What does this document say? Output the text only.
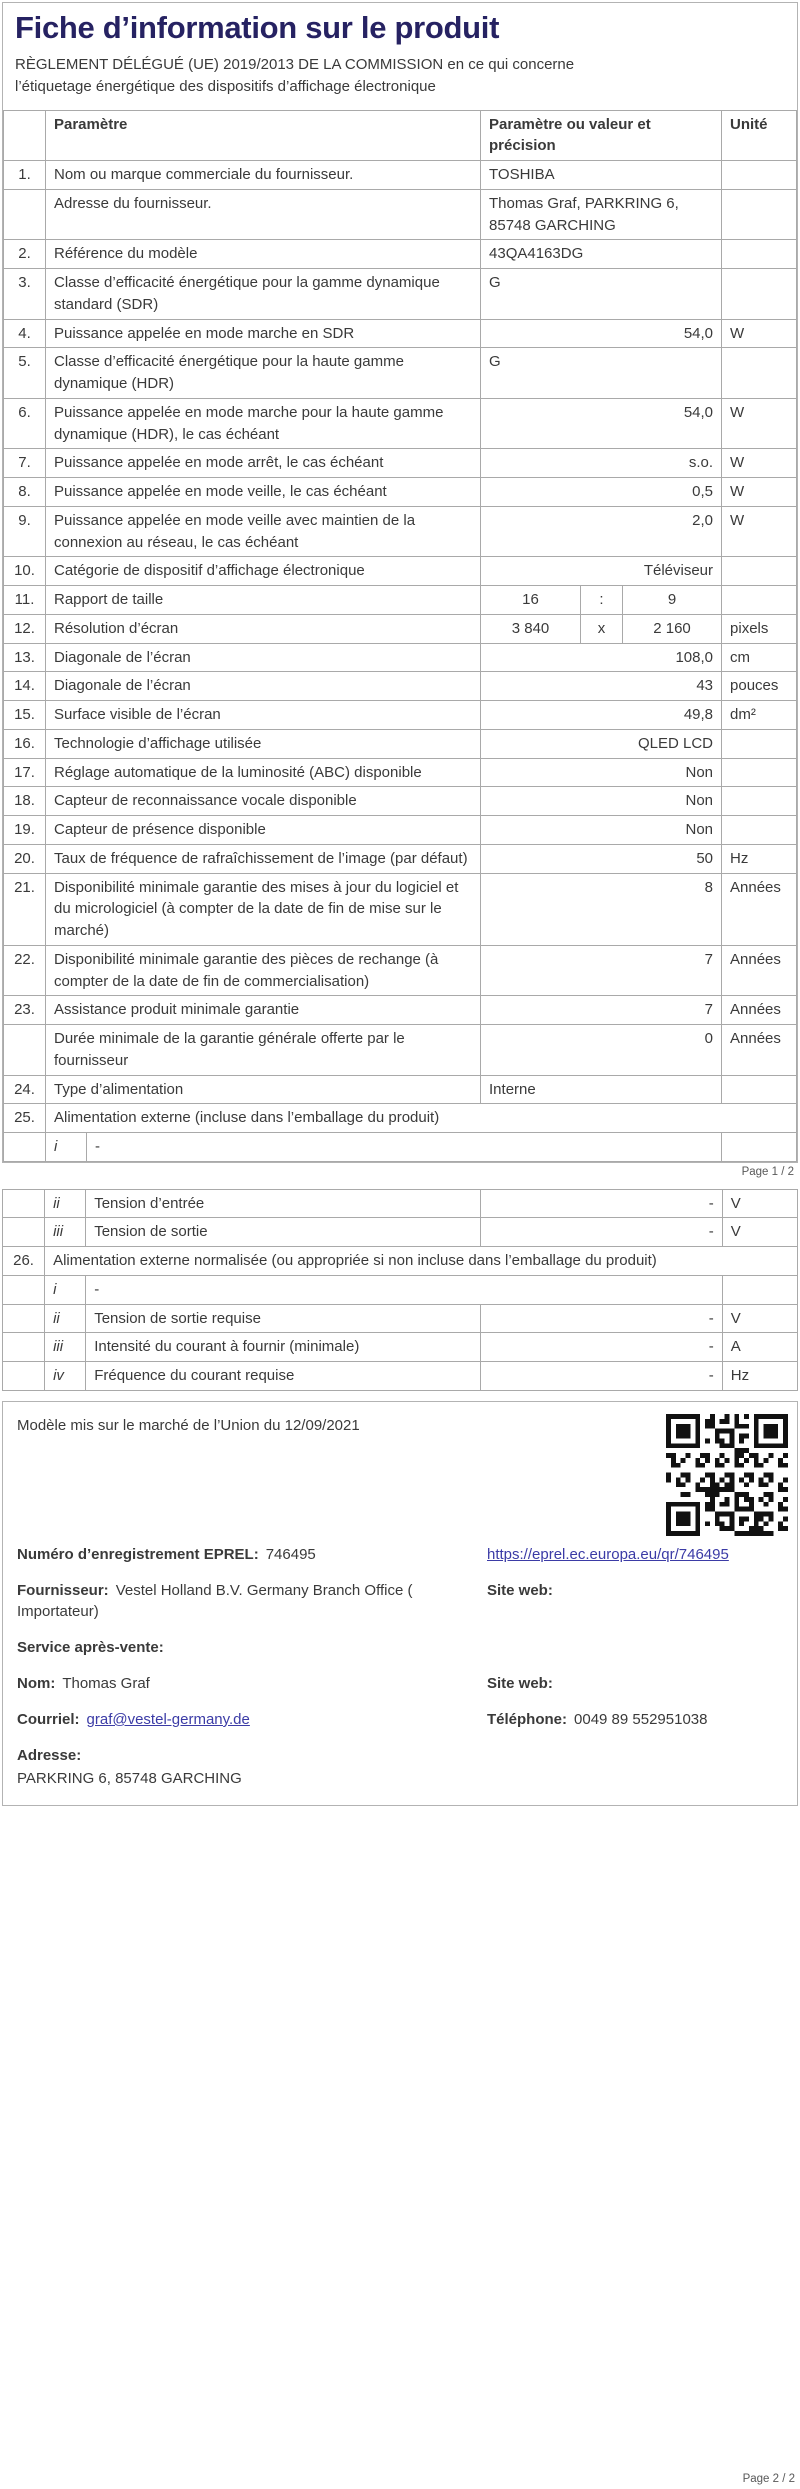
Fiche d’information sur le produit
RÈGLEMENT DÉLÉGUÉ (UE) 2019/2013 DE LA COMMISSION en ce qui concerne l’étiquetage énergétique des dispositifs d’affichage électronique
	Paramètre		Paramètre ou valeur et précision			Unité
1.	Nom ou marque commerciale du fournisseur.		TOSHIBA			
	Adresse du fournisseur.		Thomas Graf, PARKRING 6, 85748 GARCHING			
2.	Référence du modèle		43QA4163DG			
3.	Classe d’efficacité énergétique pour la gamme dynamique standard (SDR)		G			
4.	Puissance appelée en mode marche en SDR		54,0			W
5.	Classe d’efficacité énergétique pour la haute gamme dynamique (HDR)		G			
6.	Puissance appelée en mode marche pour la haute gamme dynamique (HDR), le cas échéant		54,0			W
7.	Puissance appelée en mode arrêt, le cas échéant		s.o.			W
8.	Puissance appelée en mode veille, le cas échéant		0,5			W
9.	Puissance appelée en mode veille avec maintien de la connexion au réseau, le cas échéant		2,0			W
10.	Catégorie de dispositif d’affichage électronique		Téléviseur			
11.	Rapport de taille		16	:	9	
12.	Résolution d’écran		3 840	x	2 160	pixels
13.	Diagonale de l’écran		108,0			cm
14.	Diagonale de l’écran		43			pouces
15.	Surface visible de l’écran		49,8			dm²
16.	Technologie d’affichage utilisée		QLED LCD			
17.	Réglage automatique de la luminosité (ABC) disponible		Non			
18.	Capteur de reconnaissance vocale disponible		Non			
19.	Capteur de présence disponible		Non			
20.	Taux de fréquence de rafraîchissement de l’image (par défaut)		50			Hz
21.	Disponibilité minimale garantie des mises à jour du logiciel et du micrologiciel (à compter de la date de fin de mise sur le marché)		8			Années
22.	Disponibilité minimale garantie des pièces de rechange (à compter de la date de fin de commercialisation)		7			Années
23.	Assistance produit minimale garantie		7			Années
	Durée minimale de la garantie générale offerte par le fournisseur		0			Années
24.	Type d’alimentation		Interne			
25.	Alimentation externe (incluse dans l’emballage du produit)					
	i	-				
Page 1 / 2
	ii	Tension d’entrée	-	V
	iii	Tension de sortie	-	V
26.	Alimentation externe normalisée (ou appropriée si non incluse dans l’emballage du produit)			
	i	-		
	ii	Tension de sortie requise	-	V
	iii	Intensité du courant à fournir (minimale)	-	A
	iv	Fréquence du courant requise	-	Hz
Modèle mis sur le marché de l’Union du 12/09/2021
Numéro d’enregistrement EPREL: 746495	https://eprel.ec.europa.eu/qr/746495
Fournisseur: Vestel Holland B.V. Germany Branch Office ( Importateur)
Site web:
Service après-vente:
Nom: Thomas Graf	Site web:
Courriel: graf@vestel-germany.de	Téléphone: 0049 89 552951038
Adresse:
PARKRING 6, 85748 GARCHING
Page 2 / 2
